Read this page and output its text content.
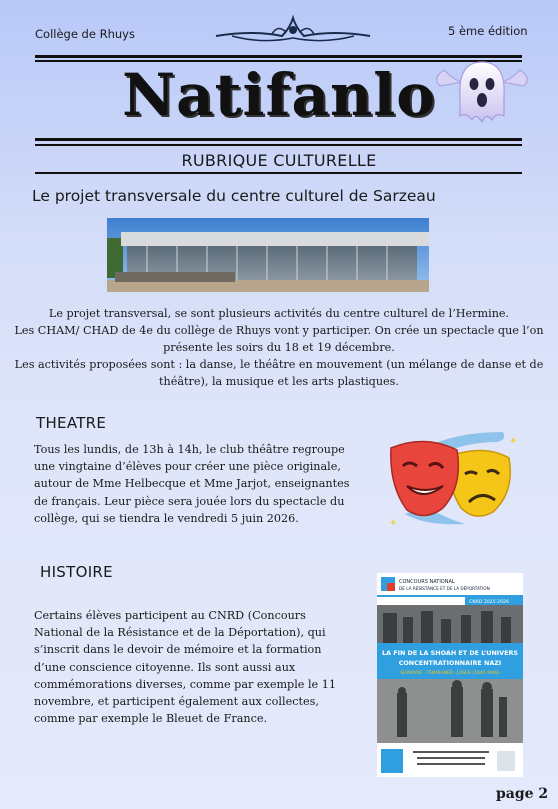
Collège de Rhuys	5 ème édition
Natifanlo
RUBRIQUE CULTURELLE
Le projet transversale du centre culturel de Sarzeau

Le projet transversal, se sont plusieurs activités du centre culturel de l’Hermine.

Les CHAM/ CHAD de 4e du collège de Rhuys vont y participer. On crée un spectacle que l’on présente les soirs du 18 et 19 décembre.

Les activités proposées sont : la danse, le théâtre en mouvement (un mélange de danse et de théâtre), la musique et les arts plastiques.

THEATRE
Tous les lundis, de 13h à 14h, le club théâtre regroupe une vingtaine d’élèves pour créer une pièce originale, autour de Mme Helbecque et Mme Jarjot, enseignantes de français. Leur pièce sera jouée lors du spectacle du collège, qui se tiendra le vendredi 5 juin 2026.	✦
✦
HISTOIRE
Certains élèves participent au CNRD (Concours National de la Résistance et de la Déportation), qui s’inscrit dans le devoir de mémoire et la formation d’une conscience citoyenne. Ils sont aussi aux commémorations diverses, comme par exemple le 11 novembre, et participent également aux collectes, comme par exemple le Bleuet de France.
CONCOURS NATIONAL
DE LA RÉSISTANCE ET DE LA DÉPORTATION
CNRD 2025-2026
LA FIN DE LA SHOAH ET DE L’UNIVERS
CONCENTRATIONNAIRE NAZI
SURVIVRE · TÉMOIGNER · JUGER (1944-1948)
page 2
